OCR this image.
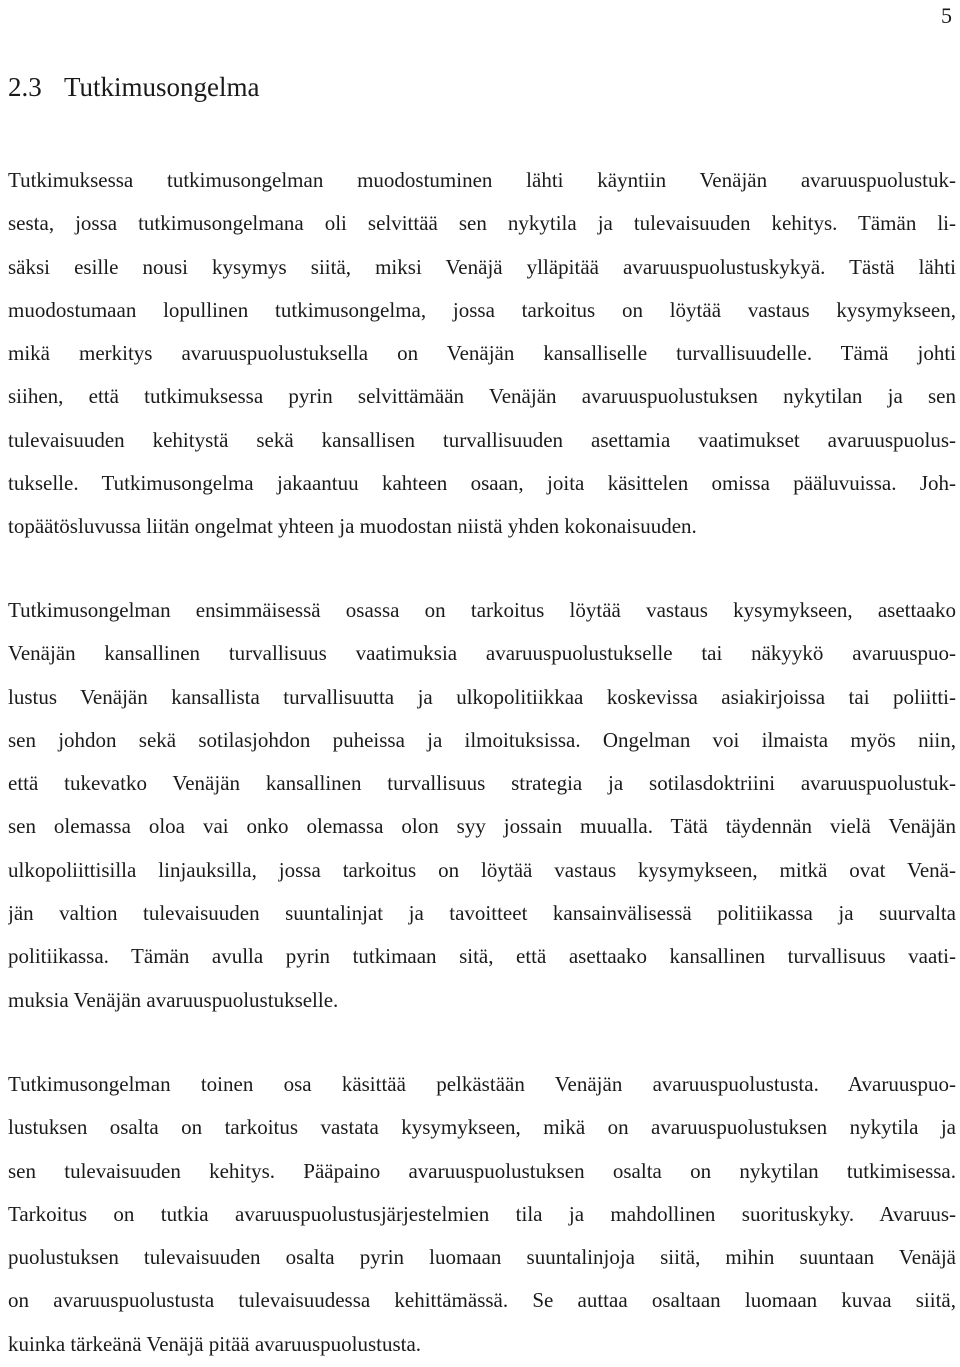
5
2.3 Tutkimusongelma
Tutkimuksessa tutkimusongelman muodostuminen lähti käyntiin Venäjän avaruuspuolustuk-
sesta, jossa tutkimusongelmana oli selvittää sen nykytila ja tulevaisuuden kehitys. Tämän li-
säksi esille nousi kysymys siitä, miksi Venäjä ylläpitää avaruuspuolustuskykyä. Tästä lähti
muodostumaan lopullinen tutkimusongelma, jossa tarkoitus on löytää vastaus kysymykseen,
mikä merkitys avaruuspuolustuksella on Venäjän kansalliselle turvallisuudelle. Tämä johti
siihen, että tutkimuksessa pyrin selvittämään Venäjän avaruuspuolustuksen nykytilan ja sen
tulevaisuuden kehitystä sekä kansallisen turvallisuuden asettamia vaatimukset avaruuspuolus-
tukselle. Tutkimusongelma jakaantuu kahteen osaan, joita käsittelen omissa pääluvuissa. Joh-
topäätösluvussa liitän ongelmat yhteen ja muodostan niistä yhden kokonaisuuden.
Tutkimusongelman ensimmäisessä osassa on tarkoitus löytää vastaus kysymykseen, asettaako
Venäjän kansallinen turvallisuus vaatimuksia avaruuspuolustukselle tai näkyykö avaruuspuo-
lustus Venäjän kansallista turvallisuutta ja ulkopolitiikkaa koskevissa asiakirjoissa tai poliitti-
sen johdon sekä sotilasjohdon puheissa ja ilmoituksissa. Ongelman voi ilmaista myös niin,
että tukevatko Venäjän kansallinen turvallisuus strategia ja sotilasdoktriini avaruuspuolustuk-
sen olemassa oloa vai onko olemassa olon syy jossain muualla. Tätä täydennän vielä Venäjän
ulkopoliittisilla linjauksilla, jossa tarkoitus on löytää vastaus kysymykseen, mitkä ovat Venä-
jän valtion tulevaisuuden suuntalinjat ja tavoitteet kansainvälisessä politiikassa ja suurvalta
politiikassa. Tämän avulla pyrin tutkimaan sitä, että asettaako kansallinen turvallisuus vaati-
muksia Venäjän avaruuspuolustukselle.
Tutkimusongelman toinen osa käsittää pelkästään Venäjän avaruuspuolustusta. Avaruuspuo-
lustuksen osalta on tarkoitus vastata kysymykseen, mikä on avaruuspuolustuksen nykytila ja
sen tulevaisuuden kehitys. Pääpaino avaruuspuolustuksen osalta on nykytilan tutkimisessa.
Tarkoitus on tutkia avaruuspuolustusjärjestelmien tila ja mahdollinen suorituskyky. Avaruus-
puolustuksen tulevaisuuden osalta pyrin luomaan suuntalinjoja siitä, mihin suuntaan Venäjä
on avaruuspuolustusta tulevaisuudessa kehittämässä. Se auttaa osaltaan luomaan kuvaa siitä,
kuinka tärkeänä Venäjä pitää avaruuspuolustusta.
